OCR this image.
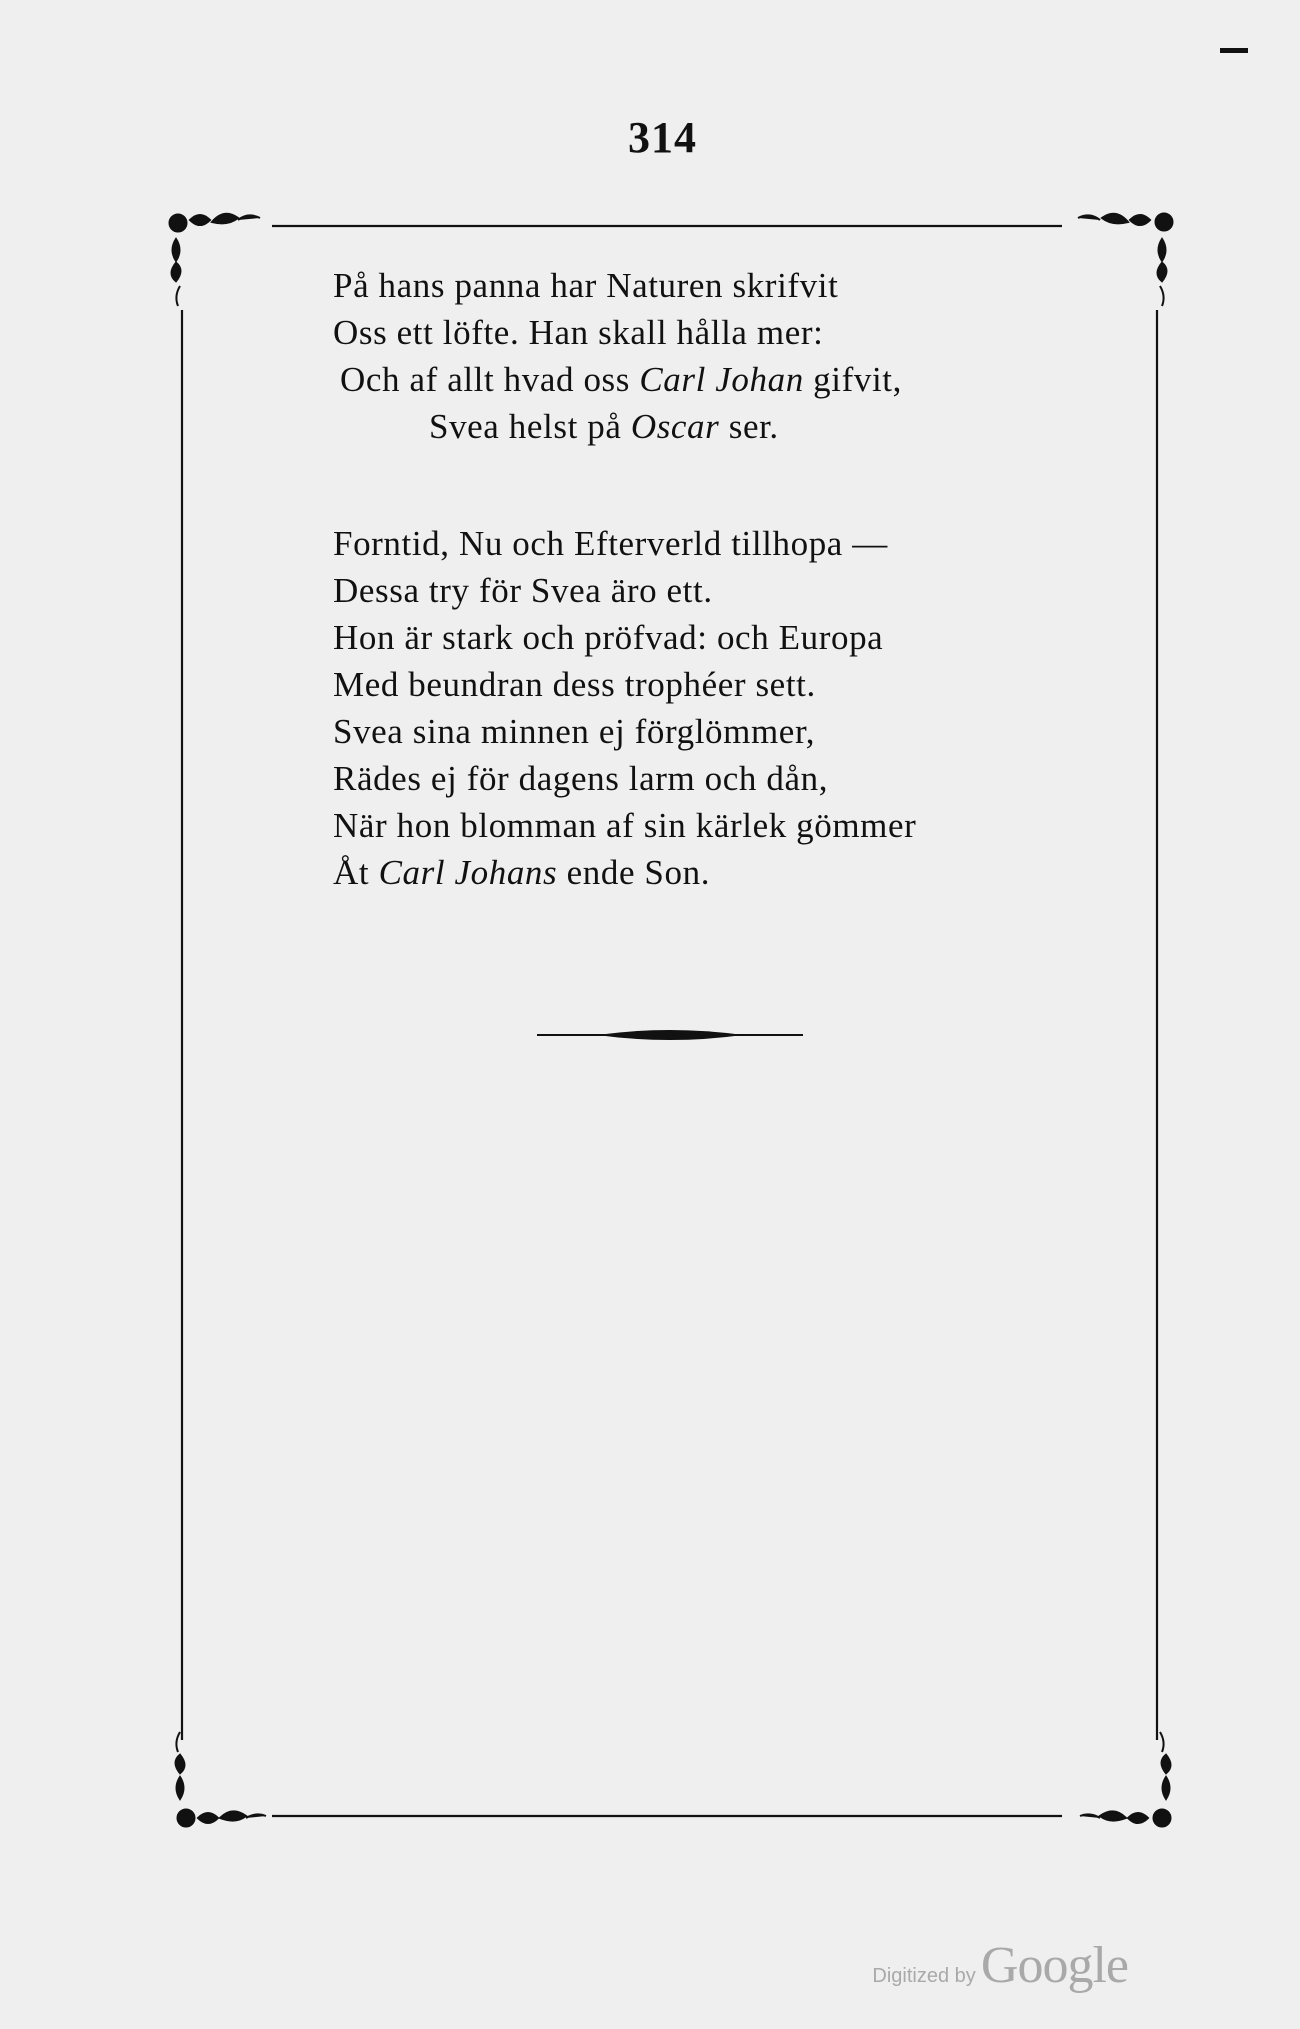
314
På hans panna har Naturen skrifvit
Oss ett löfte. Han skall hålla mer:
Och af allt hvad oss Carl Johan gifvit,
Svea helst på Oscar ser.
Forntid, Nu och Efterverld tillhopa —
Dessa try för Svea äro ett.
Hon är stark och pröfvad: och Europa
Med beundran dess trophéer sett.
Svea sina minnen ej förglömmer,
Rädes ej för dagens larm och dån,
När hon blomman af sin kärlek gömmer
Åt Carl Johans ende Son.
Digitized by Google
